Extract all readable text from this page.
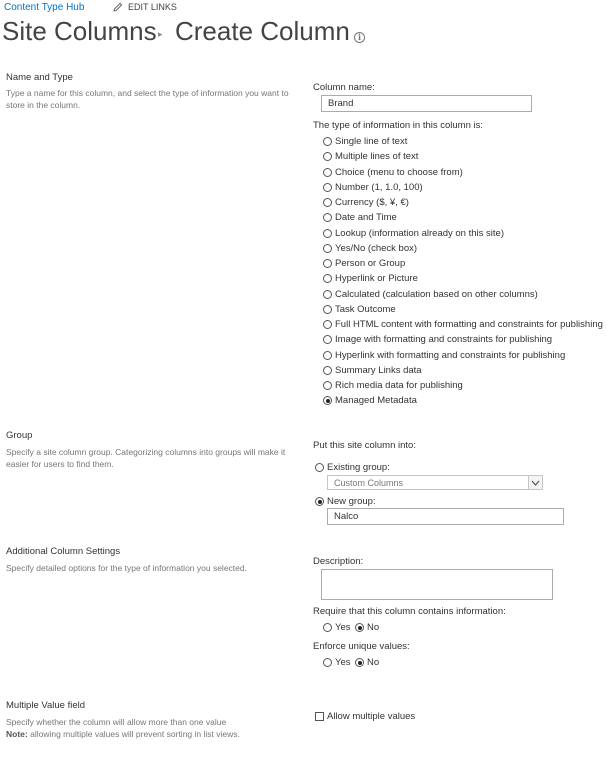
Content Type Hub	EDIT LINKS
Site Columns ▸ Create Column	i
Name and Type
Type a name for this column, and select the type of information you want to store in the column.
Column name:
Brand
The type of information in this column is:
Single line of text
Multiple lines of text
Choice (menu to choose from)
Number (1, 1.0, 100)
Currency ($, ¥, €)
Date and Time
Lookup (information already on this site)
Yes/No (check box)
Person or Group
Hyperlink or Picture
Calculated (calculation based on other columns)
Task Outcome
Full HTML content with formatting and constraints for publishing
Image with formatting and constraints for publishing
Hyperlink with formatting and constraints for publishing
Summary Links data
Rich media data for publishing
Managed Metadata
Group
Specify a site column group. Categorizing columns into groups will make it easier for users to find them.
Put this site column into:
Existing group:
Custom Columns
New group:
Nalco
Additional Column Settings
Specify detailed options for the type of information you selected.
Description:
Require that this column contains information:
Yes No
Enforce unique values:
Yes No
Multiple Value field
Specify whether the column will allow more than one value
Note: allowing multiple values will prevent sorting in list views.
Allow multiple values
